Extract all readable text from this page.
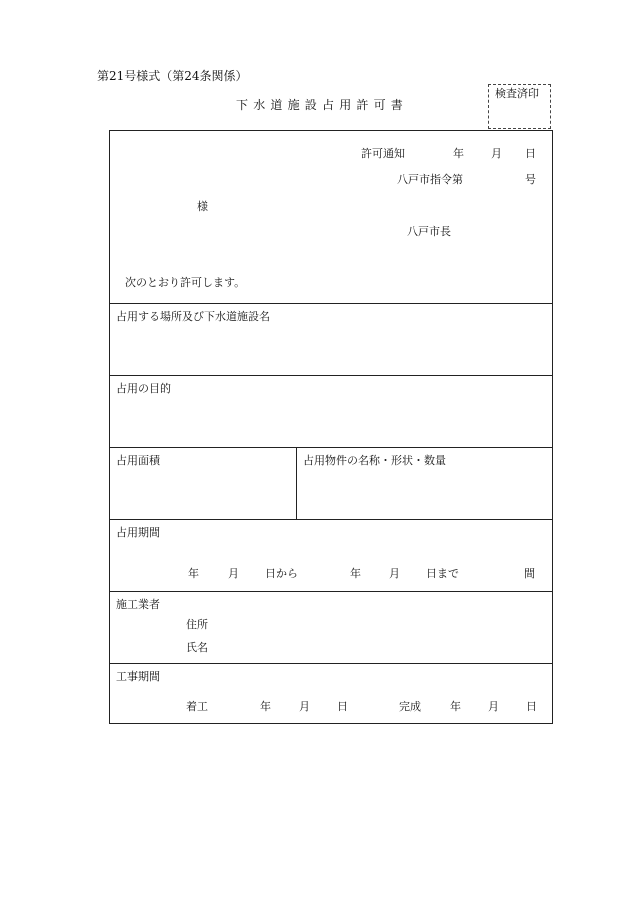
第21号様式（第24条関係）
下水道施設占用許可書
検査済印
許可通知	年 月 日
八戸市指令第	号
様
八戸市長
次のとおり許可します。
占用する場所及び下水道施設名
占用の目的
占用面積	占用物件の名称・形状・数量
占用期間
年	月 日から	年	月 日まで	間
施工業者
住所
氏名
工事期間
着工	年	月 日	完成	年 月 日
